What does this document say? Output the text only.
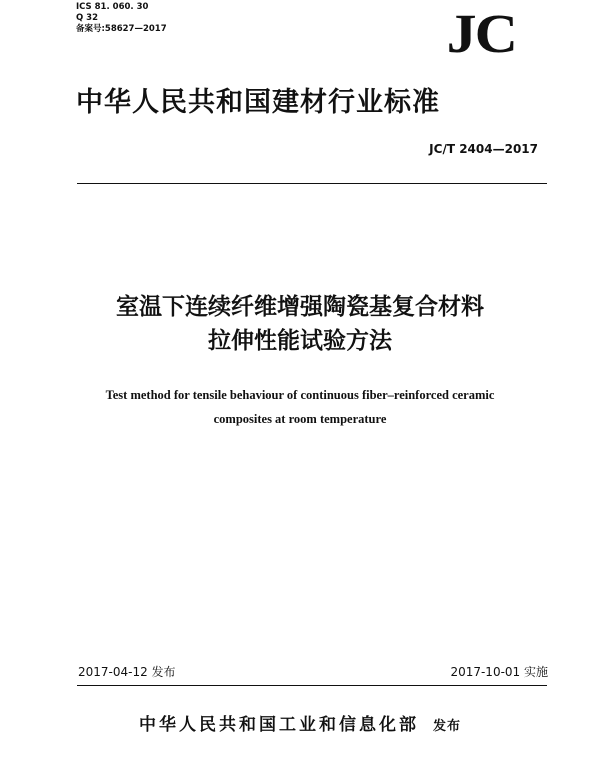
ICS 81. 060. 30
Q 32
备案号:58627—2017	JC
中华人民共和国建材行业标准
JC/T 2404—2017
室温下连续纤维增强陶瓷基复合材料
拉伸性能试验方法
Test method for tensile behaviour of continuous fiber–reinforced ceramic
composites at room temperature
2017-04-12 发布	2017-10-01 实施
中华人民共和国工业和信息化部 发布
